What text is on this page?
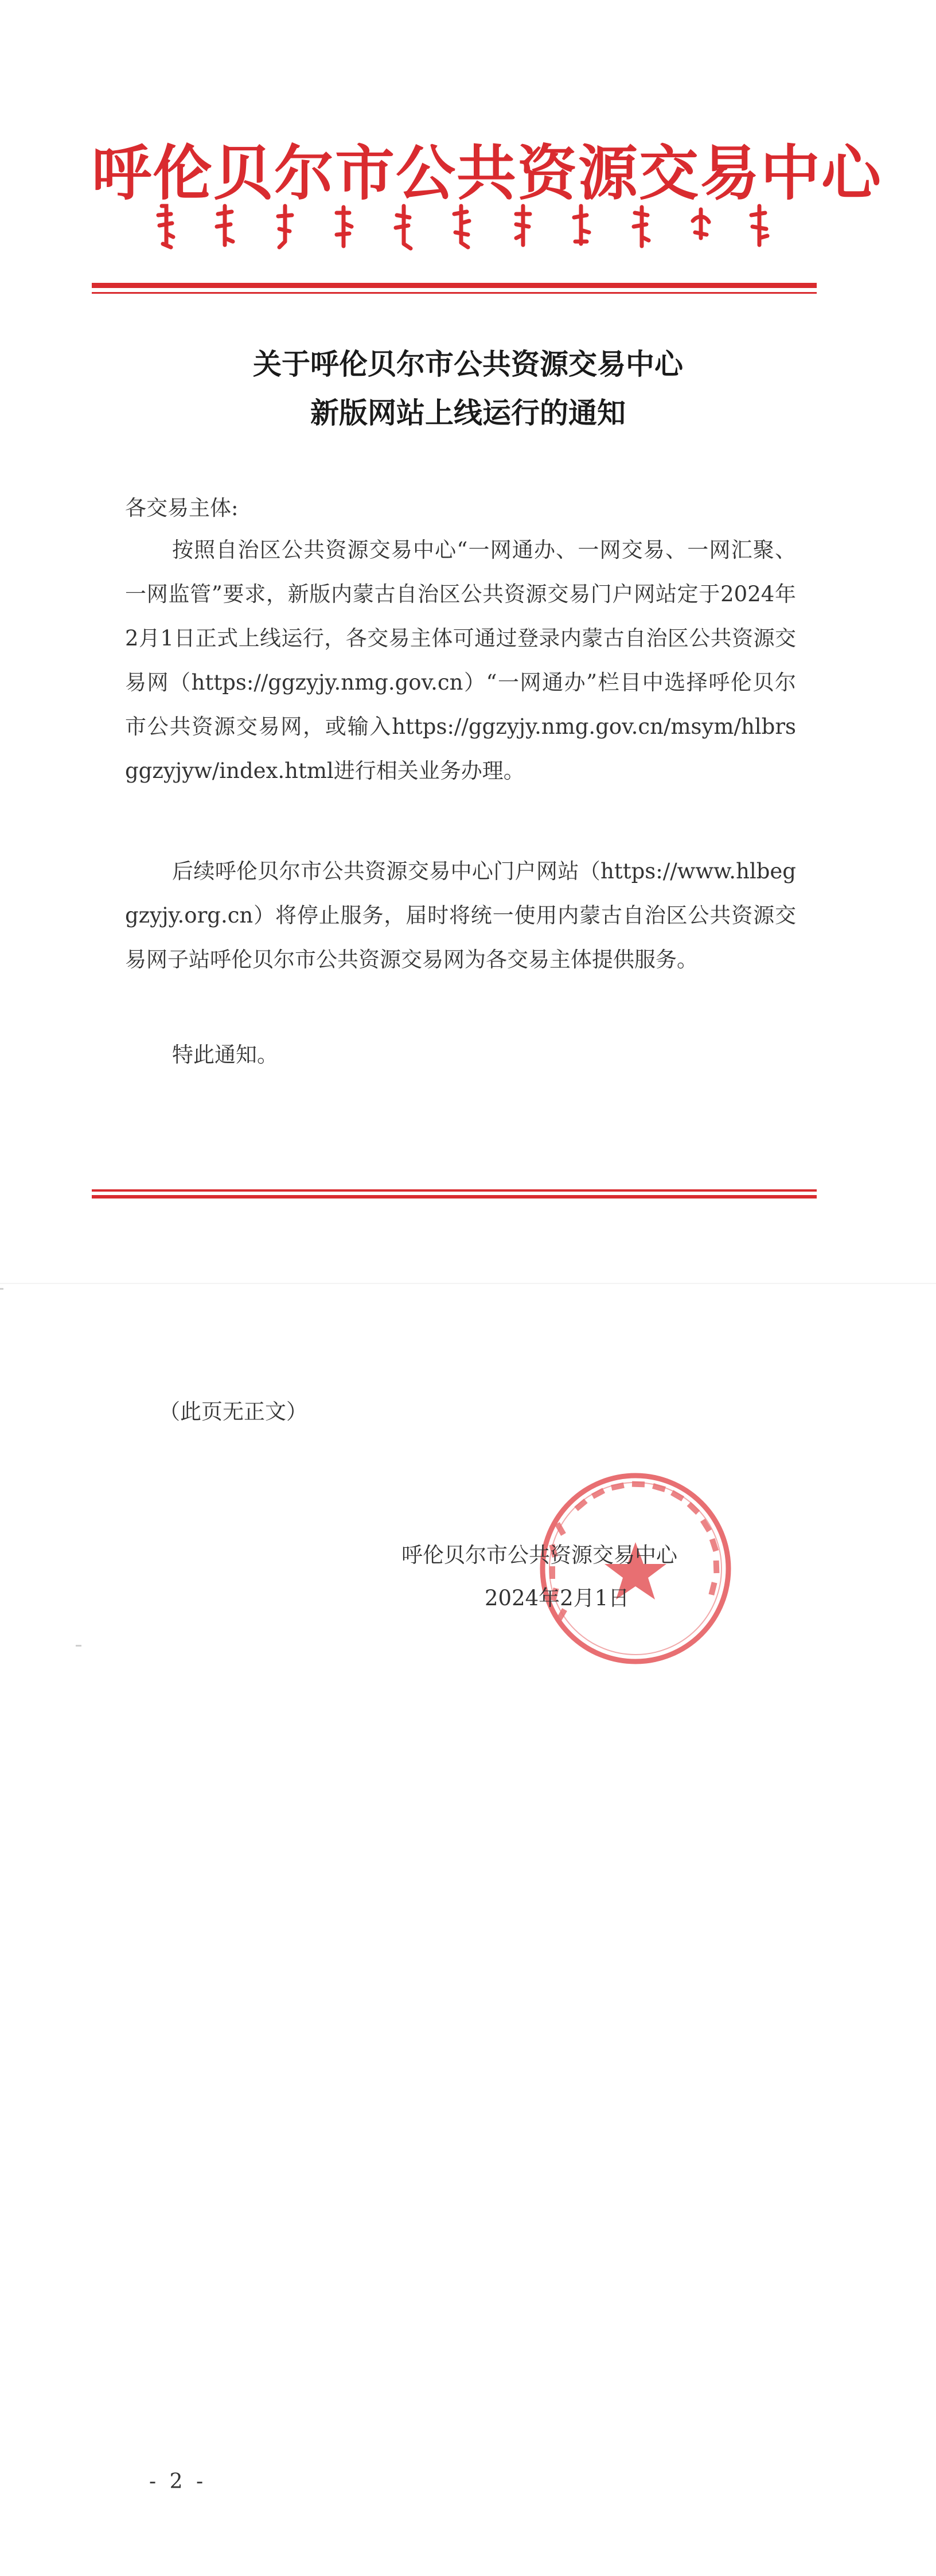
呼伦贝尔市公共资源交易中心
关于呼伦贝尔市公共资源交易中心
新版网站上线运行的通知
各交易主体:

按照自治区公共资源交易中心“一网通办、一网交易、一网汇聚、一网监管”要求，新版内蒙古自治区公共资源交易门户网站定于2024年2月1日正式上线运行，各交易主体可通过登录内蒙古自治区公共资源交易网（https://ggzyjy.nmg.gov.cn）“一网通办”栏目中选择呼伦贝尔市公共资源交易网，或输入https://ggzyjy.nmg.gov.cn/msym/hlbrsggzyjyw/index.html进行相关业务办理。

后续呼伦贝尔市公共资源交易中心门户网站（https://www.hlbeggzyjy.org.cn）将停止服务，届时将统一使用内蒙古自治区公共资源交易网子站呼伦贝尔市公共资源交易网为各交易主体提供服务。

特此通知。

（此页无正文）
呼伦贝尔市公共资源交易中心
2024年2月1日
- 2 -
